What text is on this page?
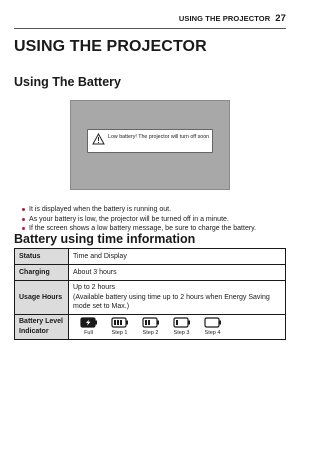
USING THE PROJECTOR 27
USING THE PROJECTOR
Using The Battery
Low battery! The projector will turn off soon
It is displayed when the battery is running out.
As your battery is low, the projector will be turned off in a minute.
If the screen shows a low battery message, be sure to charge the battery.
Battery using time information
Status	Time and Display
Charging	About 3 hours
Usage Hours	Up to 2 hours
(Available battery using time up to 2 hours when Energy Saving mode set to Max.)

Battery Level Indicator	Full Step 1 Step 2 Step 3 Step 4
